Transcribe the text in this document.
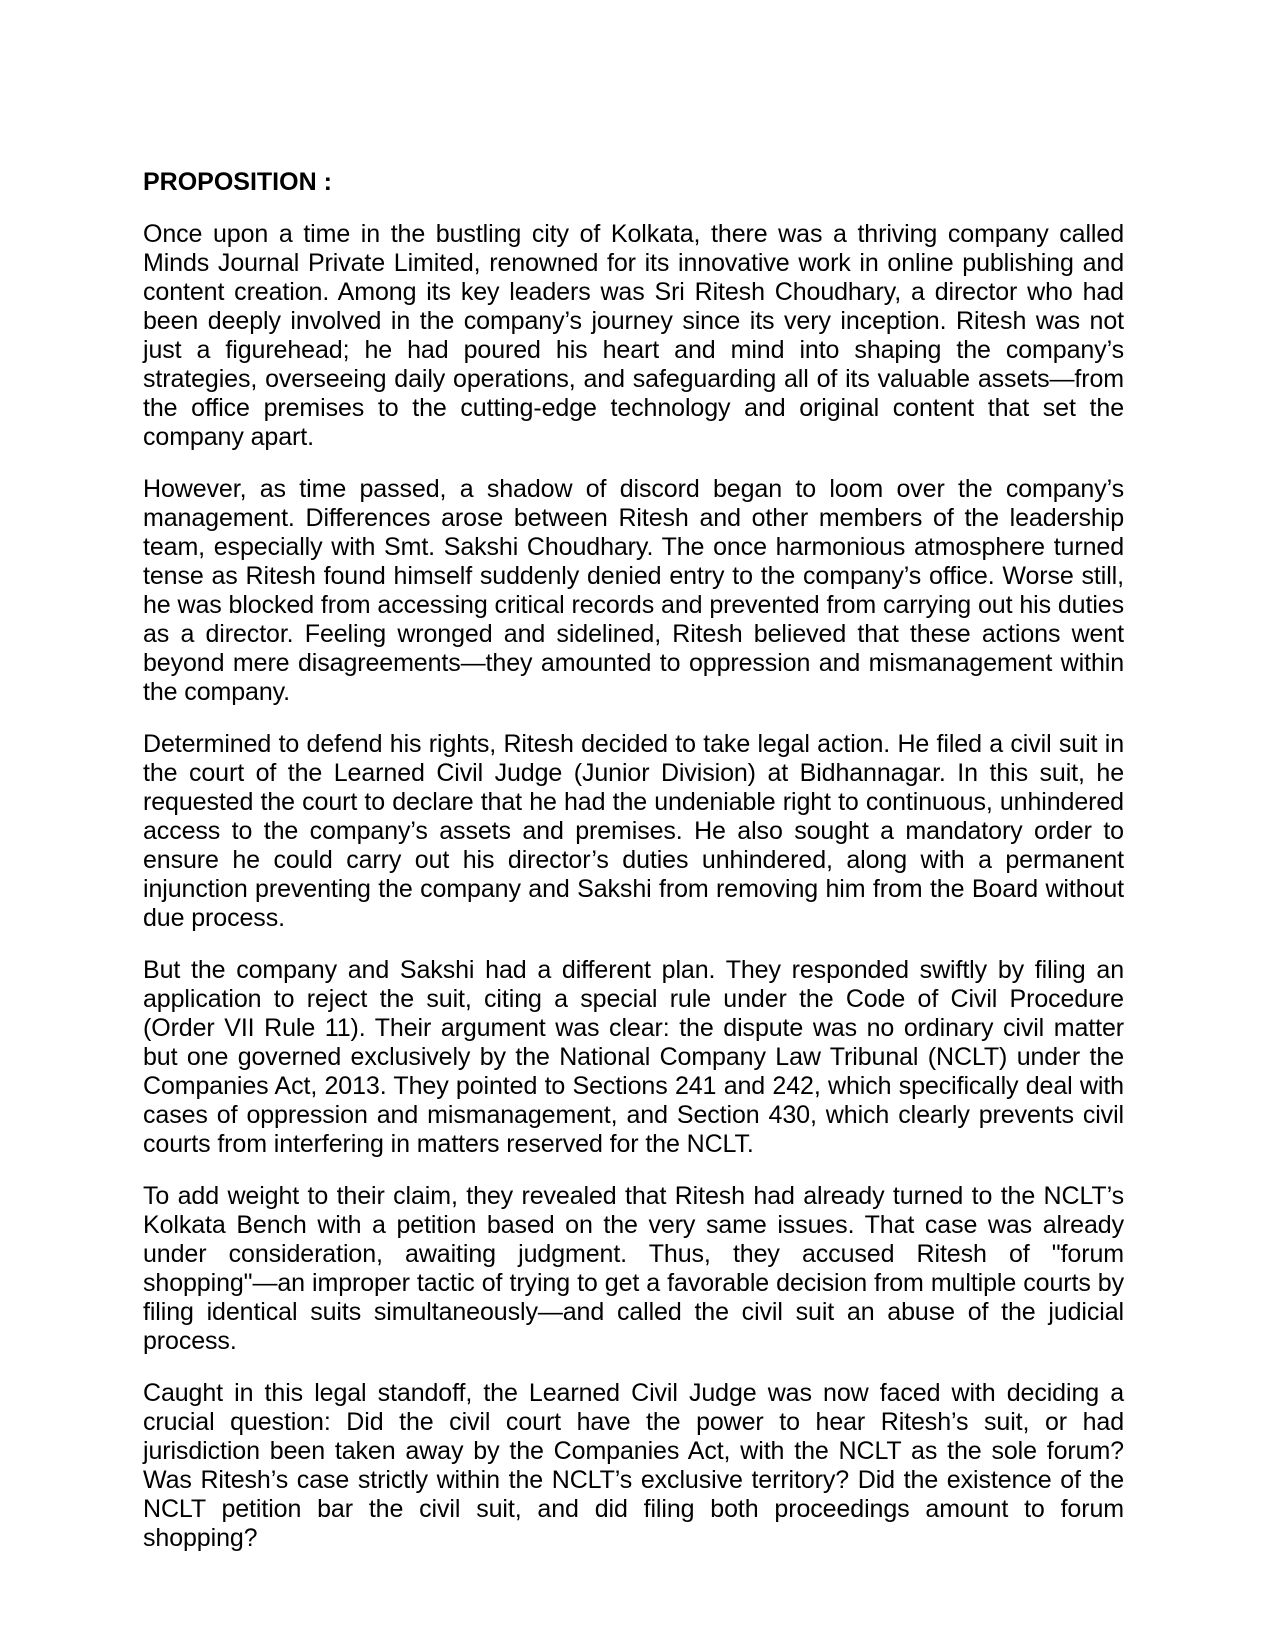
PROPOSITION :

Once upon a time in the bustling city of Kolkata, there was a thriving company called Minds Journal Private Limited, renowned for its innovative work in online publishing and content creation. Among its key leaders was Sri Ritesh Choudhary, a director who had been deeply involved in the company’s journey since its very inception. Ritesh was not just a figurehead; he had poured his heart and mind into shaping the company’s strategies, overseeing daily operations, and safeguarding all of its valuable assets—from the office premises to the cutting-edge technology and original content that set the company apart.

However, as time passed, a shadow of discord began to loom over the company’s management. Differences arose between Ritesh and other members of the leadership team, especially with Smt. Sakshi Choudhary. The once harmonious atmosphere turned tense as Ritesh found himself suddenly denied entry to the company’s office. Worse still, he was blocked from accessing critical records and prevented from carrying out his duties as a director. Feeling wronged and sidelined, Ritesh believed that these actions went beyond mere disagreements—they amounted to oppression and mismanagement within the company.

Determined to defend his rights, Ritesh decided to take legal action. He filed a civil suit in the court of the Learned Civil Judge (Junior Division) at Bidhannagar. In this suit, he requested the court to declare that he had the undeniable right to continuous, unhindered access to the company’s assets and premises. He also sought a mandatory order to ensure he could carry out his director’s duties unhindered, along with a permanent injunction preventing the company and Sakshi from removing him from the Board without due process.

But the company and Sakshi had a different plan. They responded swiftly by filing an application to reject the suit, citing a special rule under the Code of Civil Procedure (Order VII Rule 11). Their argument was clear: the dispute was no ordinary civil matter but one governed exclusively by the National Company Law Tribunal (NCLT) under the Companies Act, 2013. They pointed to Sections 241 and 242, which specifically deal with cases of oppression and mismanagement, and Section 430, which clearly prevents civil courts from interfering in matters reserved for the NCLT.

To add weight to their claim, they revealed that Ritesh had already turned to the NCLT’s Kolkata Bench with a petition based on the very same issues. That case was already under consideration, awaiting judgment. Thus, they accused Ritesh of "forum shopping"—an improper tactic of trying to get a favorable decision from multiple courts by filing identical suits simultaneously—and called the civil suit an abuse of the judicial process.

Caught in this legal standoff, the Learned Civil Judge was now faced with deciding a crucial question: Did the civil court have the power to hear Ritesh’s suit, or had jurisdiction been taken away by the Companies Act, with the NCLT as the sole forum? Was Ritesh’s case strictly within the NCLT’s exclusive territory? Did the existence of the NCLT petition bar the civil suit, and did filing both proceedings amount to forum shopping?
